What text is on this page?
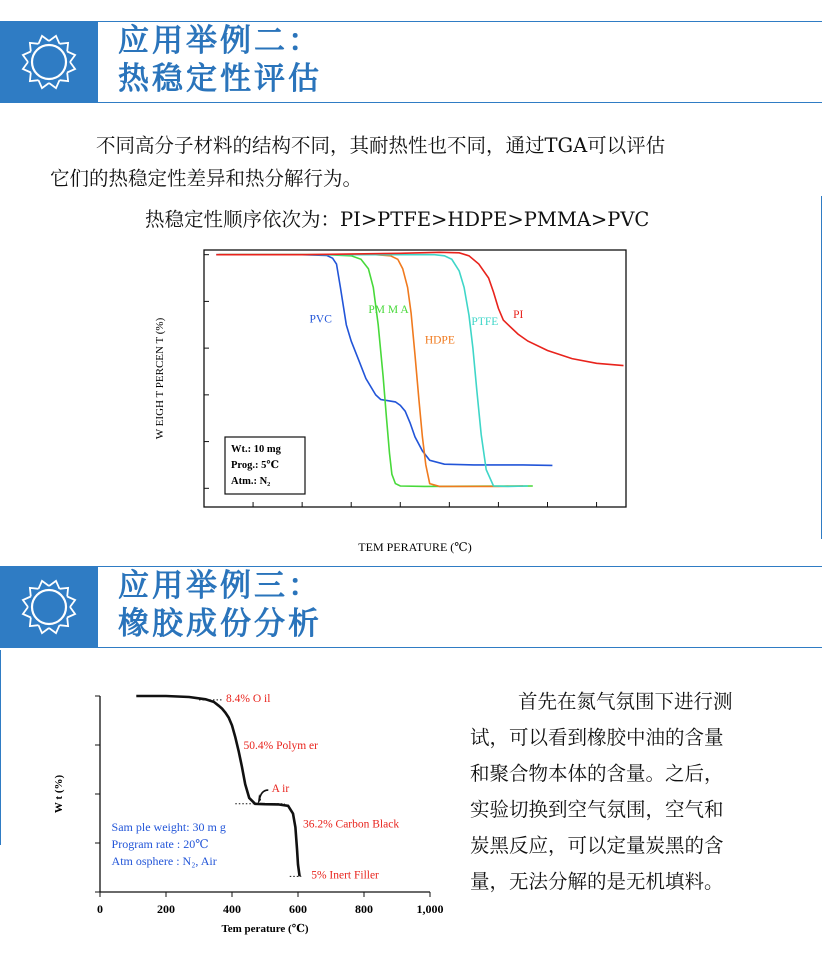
应用举例二：
热稳定性评估
不同高分子材料的结构不同，其耐热性也不同，通过TGA可以评估
它们的热稳定性差异和热分解行为。
热稳定性顺序依次为：PI>PTFE>HDPE>PMMA>PVC
TEM PERATURE (℃)
W EIGH T PERCEN T (%)	PVC
PM M A
HDPE
PTFE
PI
Wt.: 10 mg
Prog.: 5℃
Atm.: N₂
应用举例三：
橡胶成份分析
0	200	400	600	800	1,000
Tem perature (℃)
W t (%)
8.4% O il
50.4% Polym er
A ir
36.2% Carbon Black
5% Inert Filler
Sam ple weight: 30 m g
Program rate : 20℃
Atm osphere : N₂, Air
首先在氮气氛围下进行测
试，可以看到橡胶中油的含量
和聚合物本体的含量。之后，
实验切换到空气氛围，空气和
炭黑反应，可以定量炭黑的含
量，无法分解的是无机填料。
